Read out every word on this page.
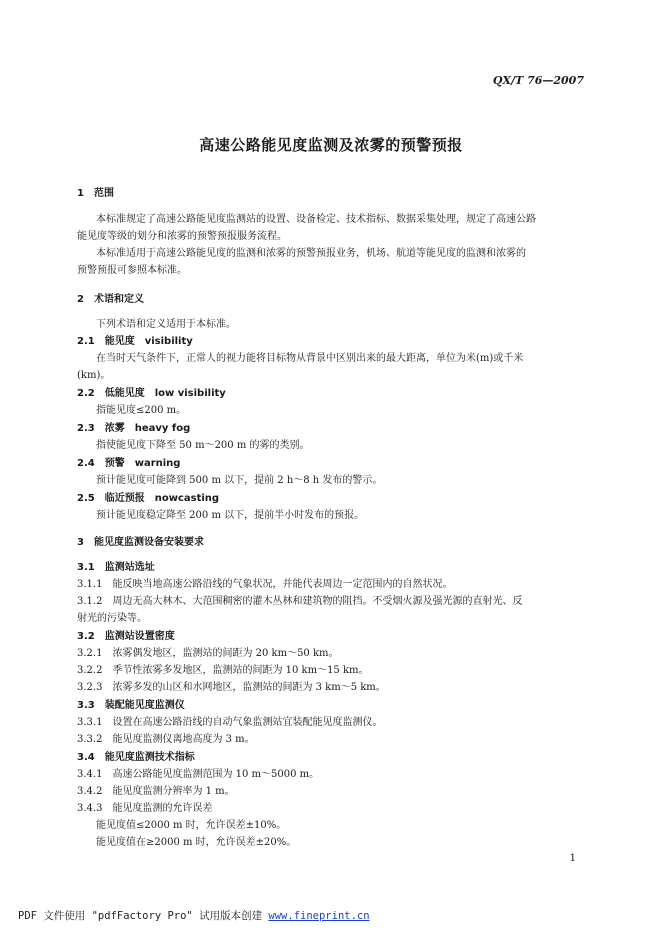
QX/T 76—2007
高速公路能见度监测及浓雾的预警预报
1　范围
本标准规定了高速公路能见度监测站的设置、设备检定、技术指标、数据采集处理，规定了高速公路
能见度等级的划分和浓雾的预警预报服务流程。
本标准适用于高速公路能见度的监测和浓雾的预警预报业务，机场、航道等能见度的监测和浓雾的
预警预报可参照本标准。
2　术语和定义
下列术语和定义适用于本标准。
2.1　能见度　visibility
在当时天气条件下，正常人的视力能将目标物从背景中区别出来的最大距离，单位为米(m)或千米
(km)。
2.2　低能见度　low visibility
指能见度≤200 m。
2.3　浓雾　heavy fog
指使能见度下降至 50 m～200 m 的雾的类别。
2.4　预警　warning
预计能见度可能降到 500 m 以下，提前 2 h～8 h 发布的警示。
2.5　临近预报　nowcasting
预计能见度稳定降至 200 m 以下，提前半小时发布的预报。
3　能见度监测设备安装要求
3.1　监测站选址
3.1.1　能反映当地高速公路沿线的气象状况，并能代表周边一定范围内的自然状况。
3.1.2　周边无高大林木、大范围稠密的灌木丛林和建筑物的阻挡。不受烟火源及强光源的直射光、反
射光的污染等。
3.2　监测站设置密度
3.2.1　浓雾偶发地区，监测站的间距为 20 km～50 km。
3.2.2　季节性浓雾多发地区，监测站的间距为 10 km～15 km。
3.2.3　浓雾多发的山区和水网地区，监测站的间距为 3 km～5 km。
3.3　装配能见度监测仪
3.3.1　设置在高速公路沿线的自动气象监测站宜装配能见度监测仪。
3.3.2　能见度监测仪离地高度为 3 m。
3.4　能见度监测技术指标
3.4.1　高速公路能见度监测范围为 10 m～5000 m。
3.4.2　能见度监测分辨率为 1 m。
3.4.3　能见度监测的允许误差
能见度值≤2000 m 时，允许误差±10%。
能见度值在≥2000 m 时，允许误差±20%。
1
PDF 文件使用 "pdfFactory Pro" 试用版本创建 www.fineprint.cn
